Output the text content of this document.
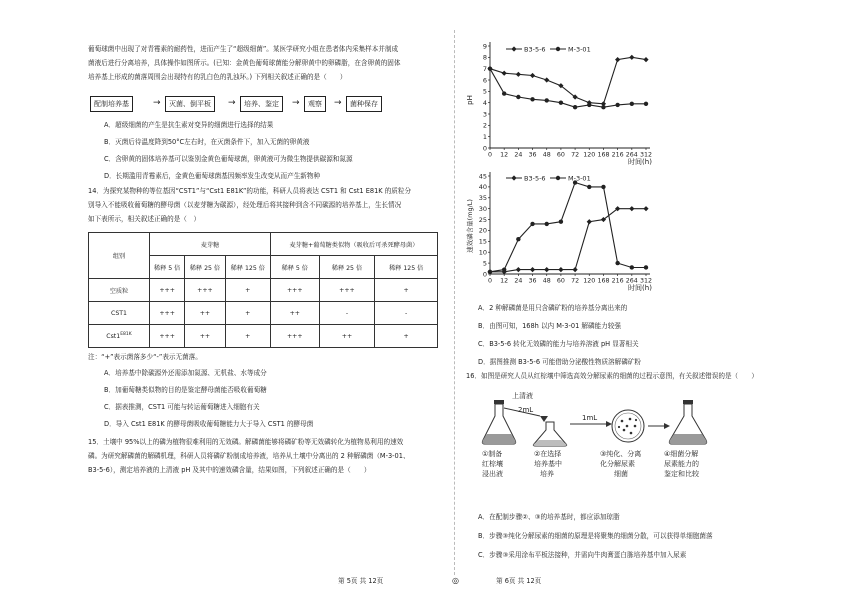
葡萄球菌中出现了对青霉素的耐药性，进而产生了“超级细菌”。某医学研究小组在患者体内采集样本并制成
菌液后进行分离培养，具体操作如图所示。(已知：金黄色葡萄球菌能分解卵黄中的卵磷脂，在含卵黄的固体
培养基上形成的菌落周围会出现特有的乳白色的乳浊环。) 下列相关叙述正确的是（　　）
配制培养基	→	灭菌、倒平板	→	培养、鉴定	→	观察	→	菌种保存
A．超级细菌的产生是抗生素对变异的细菌进行选择的结果
B．灭菌后待温度降到50°C左右时，在灭菌条件下，加入无菌的卵黄液
C．含卵黄的固体培养基可以鉴别金黄色葡萄球菌，卵黄液可为微生物提供碳源和氮源
D．长期滥用青霉素后，金黄色葡萄球菌基因频率发生改变从而产生新物种
14．为探究某物种的等位基因“CST1”与“Cst1 E81K”的功能，科研人员将表达 CST1 和 Cst1 E81K 的质粒分
别导入不能吸收葡萄糖的酵母菌（以麦芽糖为碳源），经处理后将其接种到含不同碳源的培养基上，生长情况
如下表所示，相关叙述正确的是（　）
组别	麦芽糖			麦芽糖+葡萄糖类似物（吸收后可杀死酵母菌）		
	稀释 5 倍	稀释 25 倍	稀释 125 倍	稀释 5 倍	稀释 25 倍	稀释 125 倍
空质粒	+++	+++	+	+++	+++	+
CST1	+++	++	+	++	-	-
$Cst1^{E81K}$	+++	++	+	+++	++	+
注：“+”表示菌落多少“-”表示无菌落。
A．培养基中除碳源外还需添加氮源、无机盐、水等成分
B．加葡萄糖类似物的目的是鉴定酵母菌能否吸收葡萄糖
C．据表推测，CST1 可能与转运葡萄糖进入细胞有关
D．导入 Cst1 E81K 的酵母菌吸收葡萄糖能力大于导入 CST1 的酵母菌
15．土壤中 95%以上的磷为植物很难利用的无效磷。解磷菌能够将磷矿粉等无效磷转化为植物易利用的速效
磷。为研究解磷菌的解磷机理，科研人员将磷矿粉制成培养液，培养从土壤中分离出的 2 种解磷菌（M-3-01、
B3-5-6），测定培养液的上清液 pH 及其中的速效磷含量，结果如图，下列叙述正确的是（　　）
第 5页 共 12页	◎
0
1
2
3
4
5
6
7
8
9
0 12 24 36 48 60 72 120 168 216 264 312
时间(h)
B3-5-6	M-3-01
pH
0
5
10
15
20
25
30
35
40
45
0 12 24 36 48 60 72 120 168 216 264 312
时间(h)
B3-5-6	M-3-01
速效磷含量(mg/L)
A．2 种解磷菌是用只含磷矿粉的培养基分离出来的
B．由图可知，168h 以内 M-3-01 解磷能力较强
C．B3-5-6 转化无效磷的能力与培养溶液 pH 显著相关
D．据图推测 B3-5-6 可能借助分泌酸性物质溶解磷矿粉
16．如图是研究人员从红棕壤中筛选高效分解尿素的细菌的过程示意图，有关叙述错误的是（　　）
上清液
2mL
1mL
①制备
红棕壤
浸出液
②在选择
培养基中
培养
③纯化、分离
化分解尿素
细菌
④细菌分解
尿素能力的
鉴定和比较
A．在配制步骤②、③的培养基时，都应添加琼脂
B．步骤③纯化分解尿素的细菌的原理是将聚集的细菌分散，可以获得单细胞菌落
C．步骤③采用涂布平板法接种，并需向牛肉膏蛋白胨培养基中加入尿素
第 6页 共 12页
